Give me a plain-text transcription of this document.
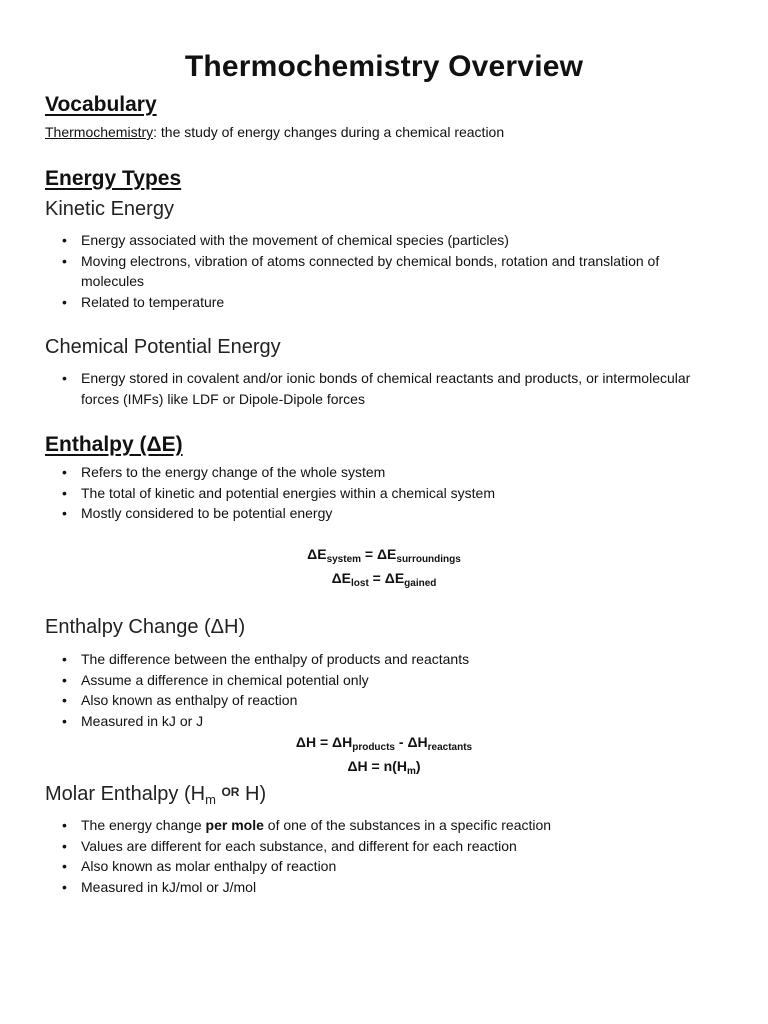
Thermochemistry Overview
Vocabulary
Thermochemistry: the study of energy changes during a chemical reaction
Energy Types
Kinetic Energy
• Energy associated with the movement of chemical species (particles)
• Moving electrons, vibration of atoms connected by chemical bonds, rotation and translation of molecules
• Related to temperature
Chemical Potential Energy
• Energy stored in covalent and/or ionic bonds of chemical reactants and products, or intermolecular forces (IMFs) like LDF or Dipole-Dipole forces
Enthalpy (ΔE)
• Refers to the energy change of the whole system
• The total of kinetic and potential energies within a chemical system
• Mostly considered to be potential energy
$\Delta E_{system} = \Delta E_{surroundings}$
$\Delta E_{lost} = \Delta E_{gained}$
Enthalpy Change (ΔH)
• The difference between the enthalpy of products and reactants
• Assume a difference in chemical potential only
• Also known as enthalpy of reaction
• Measured in kJ or J
$\Delta H = \Delta H_{products} - \Delta H_{reactants}$
$\Delta H = n(H_m)$
Molar Enthalpy ($H_m$ $^{OR}$ H)
• The energy change per mole of one of the substances in a specific reaction
• Values are different for each substance, and different for each reaction
• Also known as molar enthalpy of reaction
• Measured in kJ/mol or J/mol
